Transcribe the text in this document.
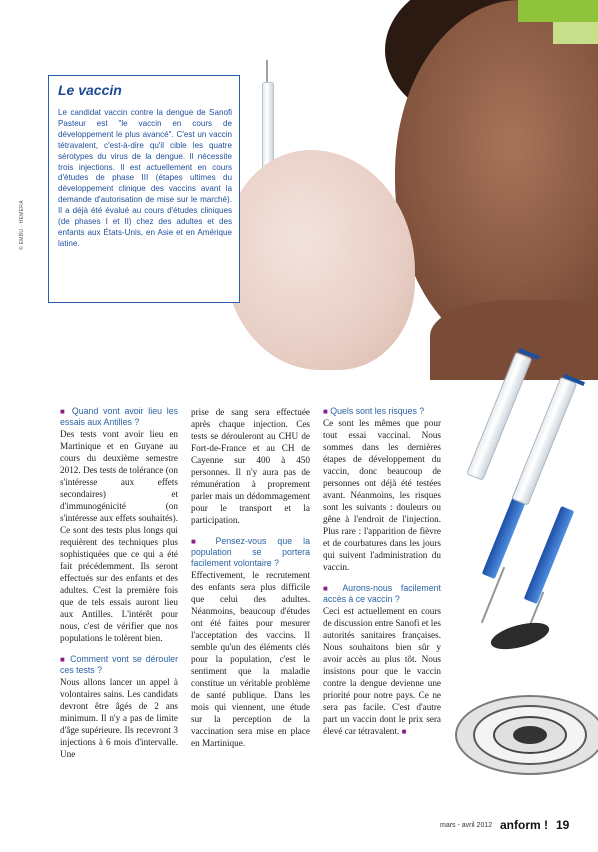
© EMBU · HEMERA

Le vaccin

Le candidat vaccin contre la dengue de Sanofi Pasteur est "le vaccin en cours de développement le plus avancé". C'est un vaccin tétravalent, c'est-à-dire qu'il cible les quatre sérotypes du virus de la dengue. Il nécessite trois injections. Il est actuellement en cours d'études de phase III (étapes ultimes du développement clinique des vaccins avant la demande d'autorisation de mise sur le marché). Il a déjà été évalué au cours d'études cliniques (de phases I et II) chez des adultes et des enfants aux États-Unis, en Asie et en Amérique latine.

■ Quand vont avoir lieu les essais aux Antilles ?

Des tests vont avoir lieu en Martinique et en Guyane au cours du deuxième semestre 2012. Des tests de tolérance (on s'intéresse aux effets secondaires) et d'immunogénicité (on s'intéresse aux effets souhaités). Ce sont des tests plus longs qui requièrent des techniques plus sophistiquées que ce qui a été fait précédemment. Ils seront effectués sur des enfants et des adultes. C'est la première fois que de tels essais auront lieu aux Antilles. L'intérêt pour nous, c'est de vérifier que nos populations le tolèrent bien.

■ Comment vont se dérouler ces tests ?

Nous allons lancer un appel à volontaires sains. Les candidats devront être âgés de 2 ans minimum. Il n'y a pas de limite d'âge supérieure. Ils recevront 3 injections à 6 mois d'intervalle. Une

prise de sang sera effectuée après chaque injection. Ces tests se dérouleront au CHU de Fort-de-France et au CH de Cayenne sur 400 à 450 personnes. Il n'y aura pas de rémunération à proprement parler mais un dédommagement pour le transport et la participation.

■ Pensez-vous que la population se portera facilement volontaire ?

Effectivement, le recrutement des enfants sera plus difficile que celui des adultes. Néanmoins, beaucoup d'études ont été faites pour mesurer l'acceptation des vaccins. Il semble qu'un des éléments clés pour la population, c'est le sentiment que la maladie constitue un véritable problème de santé publique. Dans les mois qui viennent, une étude sur la perception de la vaccination sera mise en place en Martinique.

■ Quels sont les risques ?

Ce sont les mêmes que pour tout essai vaccinal. Nous sommes dans les dernières étapes de développement du vaccin, donc beaucoup de personnes ont déjà été testées avant. Néanmoins, les risques sont les suivants : douleurs ou gêne à l'endroit de l'injection. Plus rare : l'apparition de fièvre et de courbatures dans les jours qui suivent l'administration du vaccin.

■ Aurons-nous facilement accès à ce vaccin ?

Ceci est actuellement en cours de discussion entre Sanofi et les autorités sanitaires françaises. Nous souhaitons bien sûr y avoir accès au plus tôt. Nous insistons pour que le vaccin contre la dengue devienne une priorité pour notre pays. Ce ne sera pas facile. C'est d'autre part un vaccin dont le prix sera élevé car tétravalent. ■

mars - avril 2012 anform ! 19
